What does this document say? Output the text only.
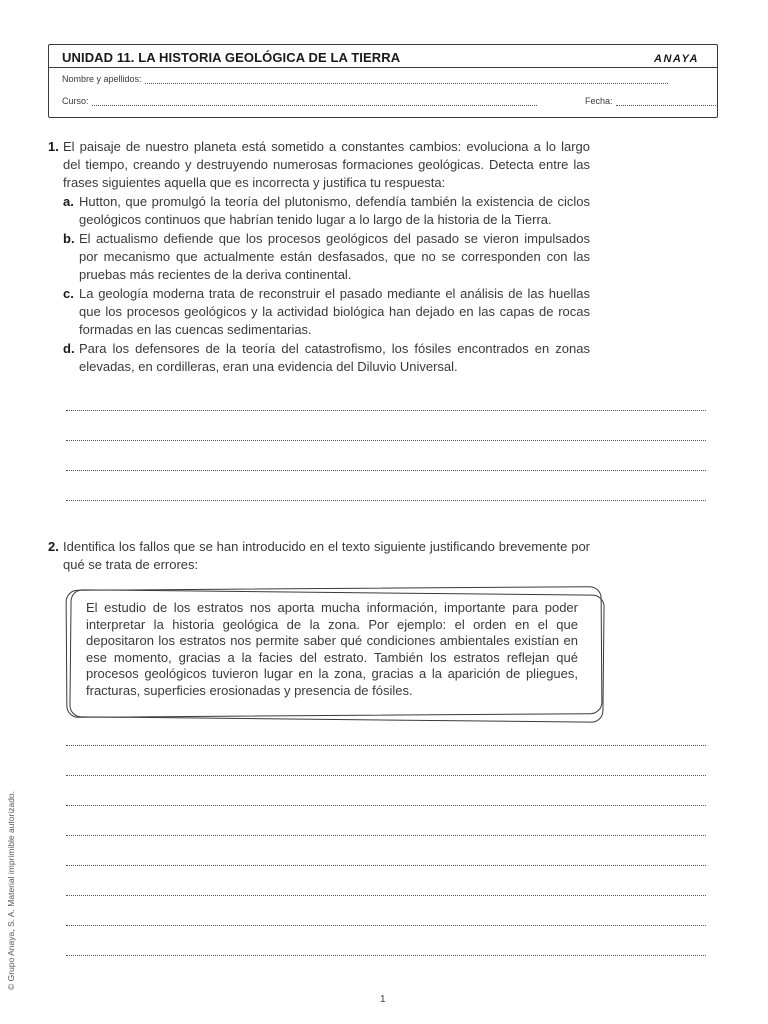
UNIDAD 11. LA HISTORIA GEOLÓGICA DE LA TIERRA	ANAYA
Nombre y apellidos:
Curso:	Fecha:
1. El paisaje de nuestro planeta está sometido a constantes cambios: evoluciona a lo largo del tiempo, creando y destruyendo numerosas formaciones geológicas. Detecta entre las frases siguientes aquella que es incorrecta y justifica tu respuesta:
a. Hutton, que promulgó la teoría del plutonismo, defendía también la existencia de ciclos geológicos continuos que habrían tenido lugar a lo largo de la historia de la Tierra.
b. El actualismo defiende que los procesos geológicos del pasado se vieron impulsados por mecanismo que actualmente están desfasados, que no se corresponden con las pruebas más recientes de la deriva continental.
c. La geología moderna trata de reconstruir el pasado mediante el análisis de las huellas que los procesos geológicos y la actividad biológica han dejado en las capas de rocas formadas en las cuencas sedimentarias.
d. Para los defensores de la teoría del catastrofismo, los fósiles encontrados en zonas elevadas, en cordilleras, eran una evidencia del Diluvio Universal.
2. Identifica los fallos que se han introducido en el texto siguiente justificando brevemente por qué se trata de errores:
El estudio de los estratos nos aporta mucha información, importante para poder interpretar la historia geológica de la zona. Por ejemplo: el orden en el que depositaron los estratos nos permite saber qué condiciones ambientales existían en ese momento, gracias a la facies del estrato. También los estratos reflejan qué procesos geológicos tuvieron lugar en la zona, gracias a la aparición de pliegues, fracturas, superficies erosionadas y presencia de fósiles.
© Grupo Anaya, S. A. Material imprimible autorizado.
1
